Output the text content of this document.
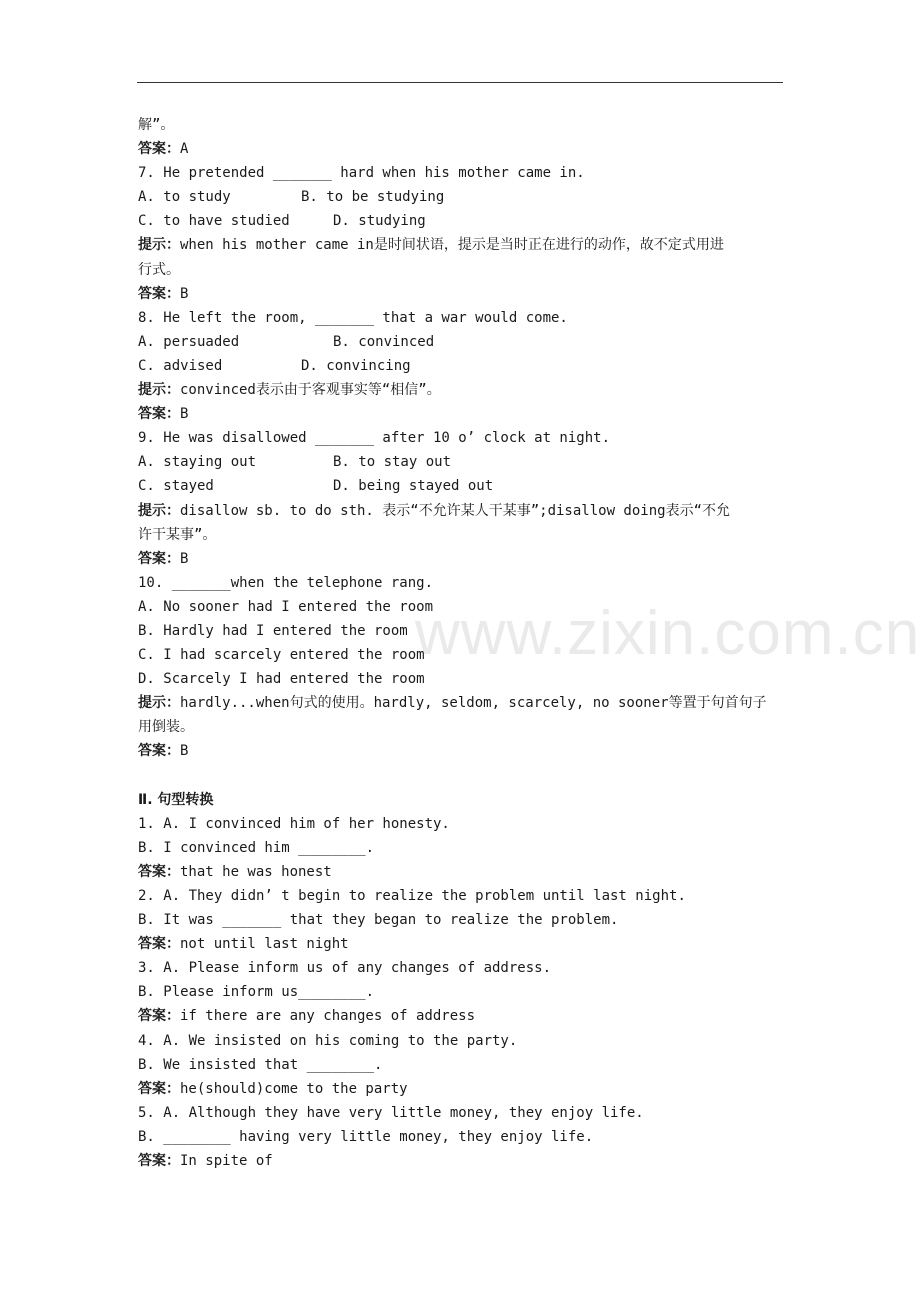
www.zixin.com.cn
解”。
答案：A
7. He pretended _______ hard when his mother came in.
A. to study	B. to be studying
C. to have studied	D. studying
提示：when his mother came in是时间状语，提示是当时正在进行的动作，故不定式用进
行式。
答案：B
8. He left the room, _______ that a war would come.
A. persuaded	B. convinced
C. advised	D. convincing
提示：convinced表示由于客观事实等“相信”。
答案：B
9. He was disallowed _______ after 10 o’ clock at night.
A. staying out	B. to stay out
C. stayed	D. being stayed out
提示：disallow sb. to do sth. 表示“不允许某人干某事”;disallow doing表示“不允
许干某事”。
答案：B
10. _______when the telephone rang.
A. No sooner had I entered the room
B. Hardly had I entered the room
C. I had scarcely entered the room
D. Scarcely I had entered the room
提示：hardly...when句式的使用。hardly, seldom, scarcely, no sooner等置于句首句子
用倒装。
答案：B
Ⅱ. 句型转换
1. A. I convinced him of her honesty.
B. I convinced him ________.
答案：that he was honest
2. A. They didn’ t begin to realize the problem until last night.
B. It was _______ that they began to realize the problem.
答案：not until last night
3. A. Please inform us of any changes of address.
B. Please inform us________.
答案：if there are any changes of address
4. A. We insisted on his coming to the party.
B. We insisted that ________.
答案：he(should)come to the party
5. A. Although they have very little money, they enjoy life.
B. ________ having very little money, they enjoy life.
答案：In spite of
